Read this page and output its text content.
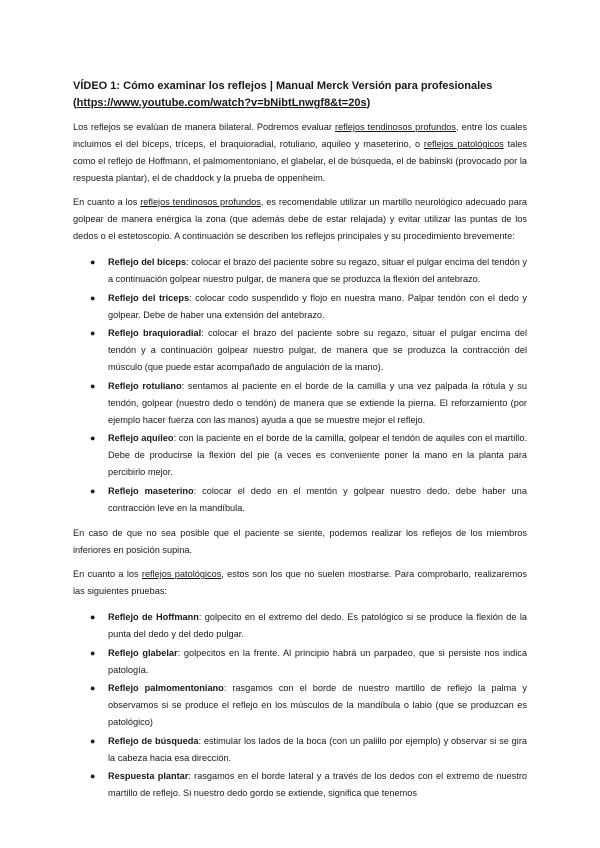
VÍDEO 1: Cómo examinar los reflejos | Manual Merck Versión para profesionales
(https://www.youtube.com/watch?v=bNibtLnwgf8&t=20s)

Los reflejos se evalúan de manera bilateral. Podremos evaluar reflejos tendinosos profundos, entre los cuales incluimos el del bíceps, tríceps, el braquioradial, rotuliano, aquileo y maseterino, o reflejos patológicos tales como el reflejo de Hoffmann, el palmomentoniano, el glabelar, el de búsqueda, el de babinski (provocado por la respuesta plantar), el de chaddock y la prueba de oppenheim.

En cuanto a los reflejos tendinosos profundos, es recomendable utilizar un martillo neurológico adecuado para golpear de manera enérgica la zona (que además debe de estar relajada) y evitar utilizar las puntas de los dedos o el estetoscopio. A continuación se describen los reflejos principales y su procedimiento brevemente:

● Reflejo del bíceps: colocar el brazo del paciente sobre su regazo, situar el pulgar encima del tendón y a continuación golpear nuestro pulgar, de manera que se produzca la flexión del antebrazo.
● Reflejo del tríceps: colocar codo suspendido y flojo en nuestra mano. Palpar tendón con el dedo y golpear. Debe de haber una extensión del antebrazo.
● Reflejo braquioradial: colocar el brazo del paciente sobre su regazo, situar el pulgar encima del tendón y a continuación golpear nuestro pulgar, de manera que se produzca la contracción del músculo (que puede estar acompañado de angulación de la mano).
● Reflejo rotuliano: sentamos al paciente en el borde de la camilla y una vez palpada la rótula y su tendón, golpear (nuestro dedo o tendón) de manera que se extiende la pierna. El reforzamiento (por ejemplo hacer fuerza con las manos) ayuda a que se muestre mejor el reflejo.
● Reflejo aquíleo: con la paciente en el borde de la camilla, golpear el tendón de aquiles con el martillo. Debe de producirse la flexión del pie (a veces es conveniente poner la mano en la planta para percibirlo mejor.
● Reflejo maseterino: colocar el dedo en el mentón y golpear nuestro dedo. debe haber una contracción leve en la mandíbula.

En caso de que no sea posible que el paciente se siente, podemos realizar los reflejos de los miembros inferiores en posición supina.

En cuanto a los reflejos patológicos, estos son los que no suelen mostrarse. Para comprobarlo, realizaremos las siguientes pruebas:

● Reflejo de Hoffmann: golpecito en el extremo del dedo. Es patológico si se produce la flexión de la punta del dedo y del dedo pulgar.
● Reflejo glabelar: golpecitos en la frente. Al principio habrá un parpadeo, que si persiste nos indica patología.
● Reflejo palmomentoniano: rasgamos con el borde de nuestro martillo de reflejo la palma y observamos si se produce el reflejo en los músculos de la mandíbula o labio (que se produzcan es patológico)
● Reflejo de búsqueda: estimular los lados de la boca (con un palillo por ejemplo) y observar si se gira la cabeza hacia esa dirección.
● Respuesta plantar: rasgamos en el borde lateral y a través de los dedos con el extremo de nuestro martillo de reflejo. Si nuestro dedo gordo se extiende, significa que tenemos
